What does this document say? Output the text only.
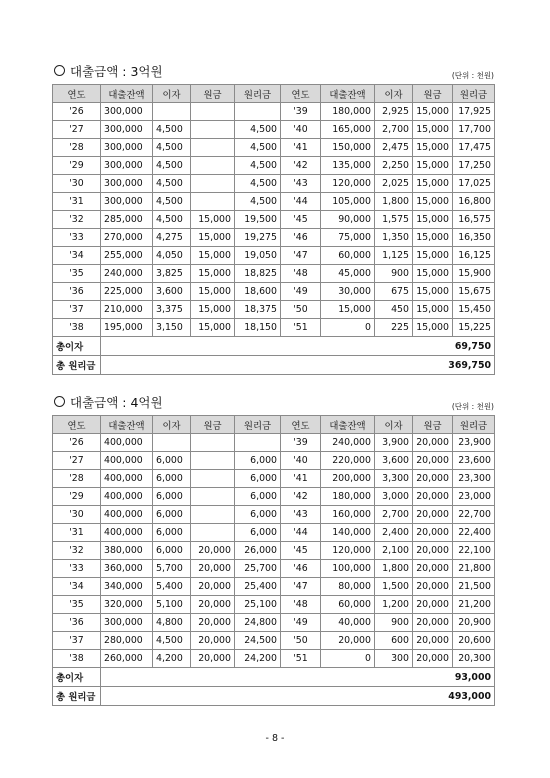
대출금액 : 3억원	(단위 : 천원)
연도	대출잔액	이자	원금	원리금	연도	대출잔액	이자	원금	원리금
'26	300,000				'39	180,000	2,925	15,000	17,925
'27	300,000	4,500		4,500	'40	165,000	2,700	15,000	17,700
'28	300,000	4,500		4,500	'41	150,000	2,475	15,000	17,475
'29	300,000	4,500		4,500	'42	135,000	2,250	15,000	17,250
'30	300,000	4,500		4,500	'43	120,000	2,025	15,000	17,025
'31	300,000	4,500		4,500	'44	105,000	1,800	15,000	16,800
'32	285,000	4,500	15,000	19,500	'45	90,000	1,575	15,000	16,575
'33	270,000	4,275	15,000	19,275	'46	75,000	1,350	15,000	16,350
'34	255,000	4,050	15,000	19,050	'47	60,000	1,125	15,000	16,125
'35	240,000	3,825	15,000	18,825	'48	45,000	900	15,000	15,900
'36	225,000	3,600	15,000	18,600	'49	30,000	675	15,000	15,675
'37	210,000	3,375	15,000	18,375	'50	15,000	450	15,000	15,450
'38	195,000	3,150	15,000	18,150	'51	0	225	15,000	15,225
총이자	69,750								
총 원리금	369,750								
대출금액 : 4억원	(단위 : 천원)
연도	대출잔액	이자	원금	원리금	연도	대출잔액	이자	원금	원리금
'26	400,000				'39	240,000	3,900	20,000	23,900
'27	400,000	6,000		6,000	'40	220,000	3,600	20,000	23,600
'28	400,000	6,000		6,000	'41	200,000	3,300	20,000	23,300
'29	400,000	6,000		6,000	'42	180,000	3,000	20,000	23,000
'30	400,000	6,000		6,000	'43	160,000	2,700	20,000	22,700
'31	400,000	6,000		6,000	'44	140,000	2,400	20,000	22,400
'32	380,000	6,000	20,000	26,000	'45	120,000	2,100	20,000	22,100
'33	360,000	5,700	20,000	25,700	'46	100,000	1,800	20,000	21,800
'34	340,000	5,400	20,000	25,400	'47	80,000	1,500	20,000	21,500
'35	320,000	5,100	20,000	25,100	'48	60,000	1,200	20,000	21,200
'36	300,000	4,800	20,000	24,800	'49	40,000	900	20,000	20,900
'37	280,000	4,500	20,000	24,500	'50	20,000	600	20,000	20,600
'38	260,000	4,200	20,000	24,200	'51	0	300	20,000	20,300
총이자	93,000								
총 원리금	493,000								
- 8 -
